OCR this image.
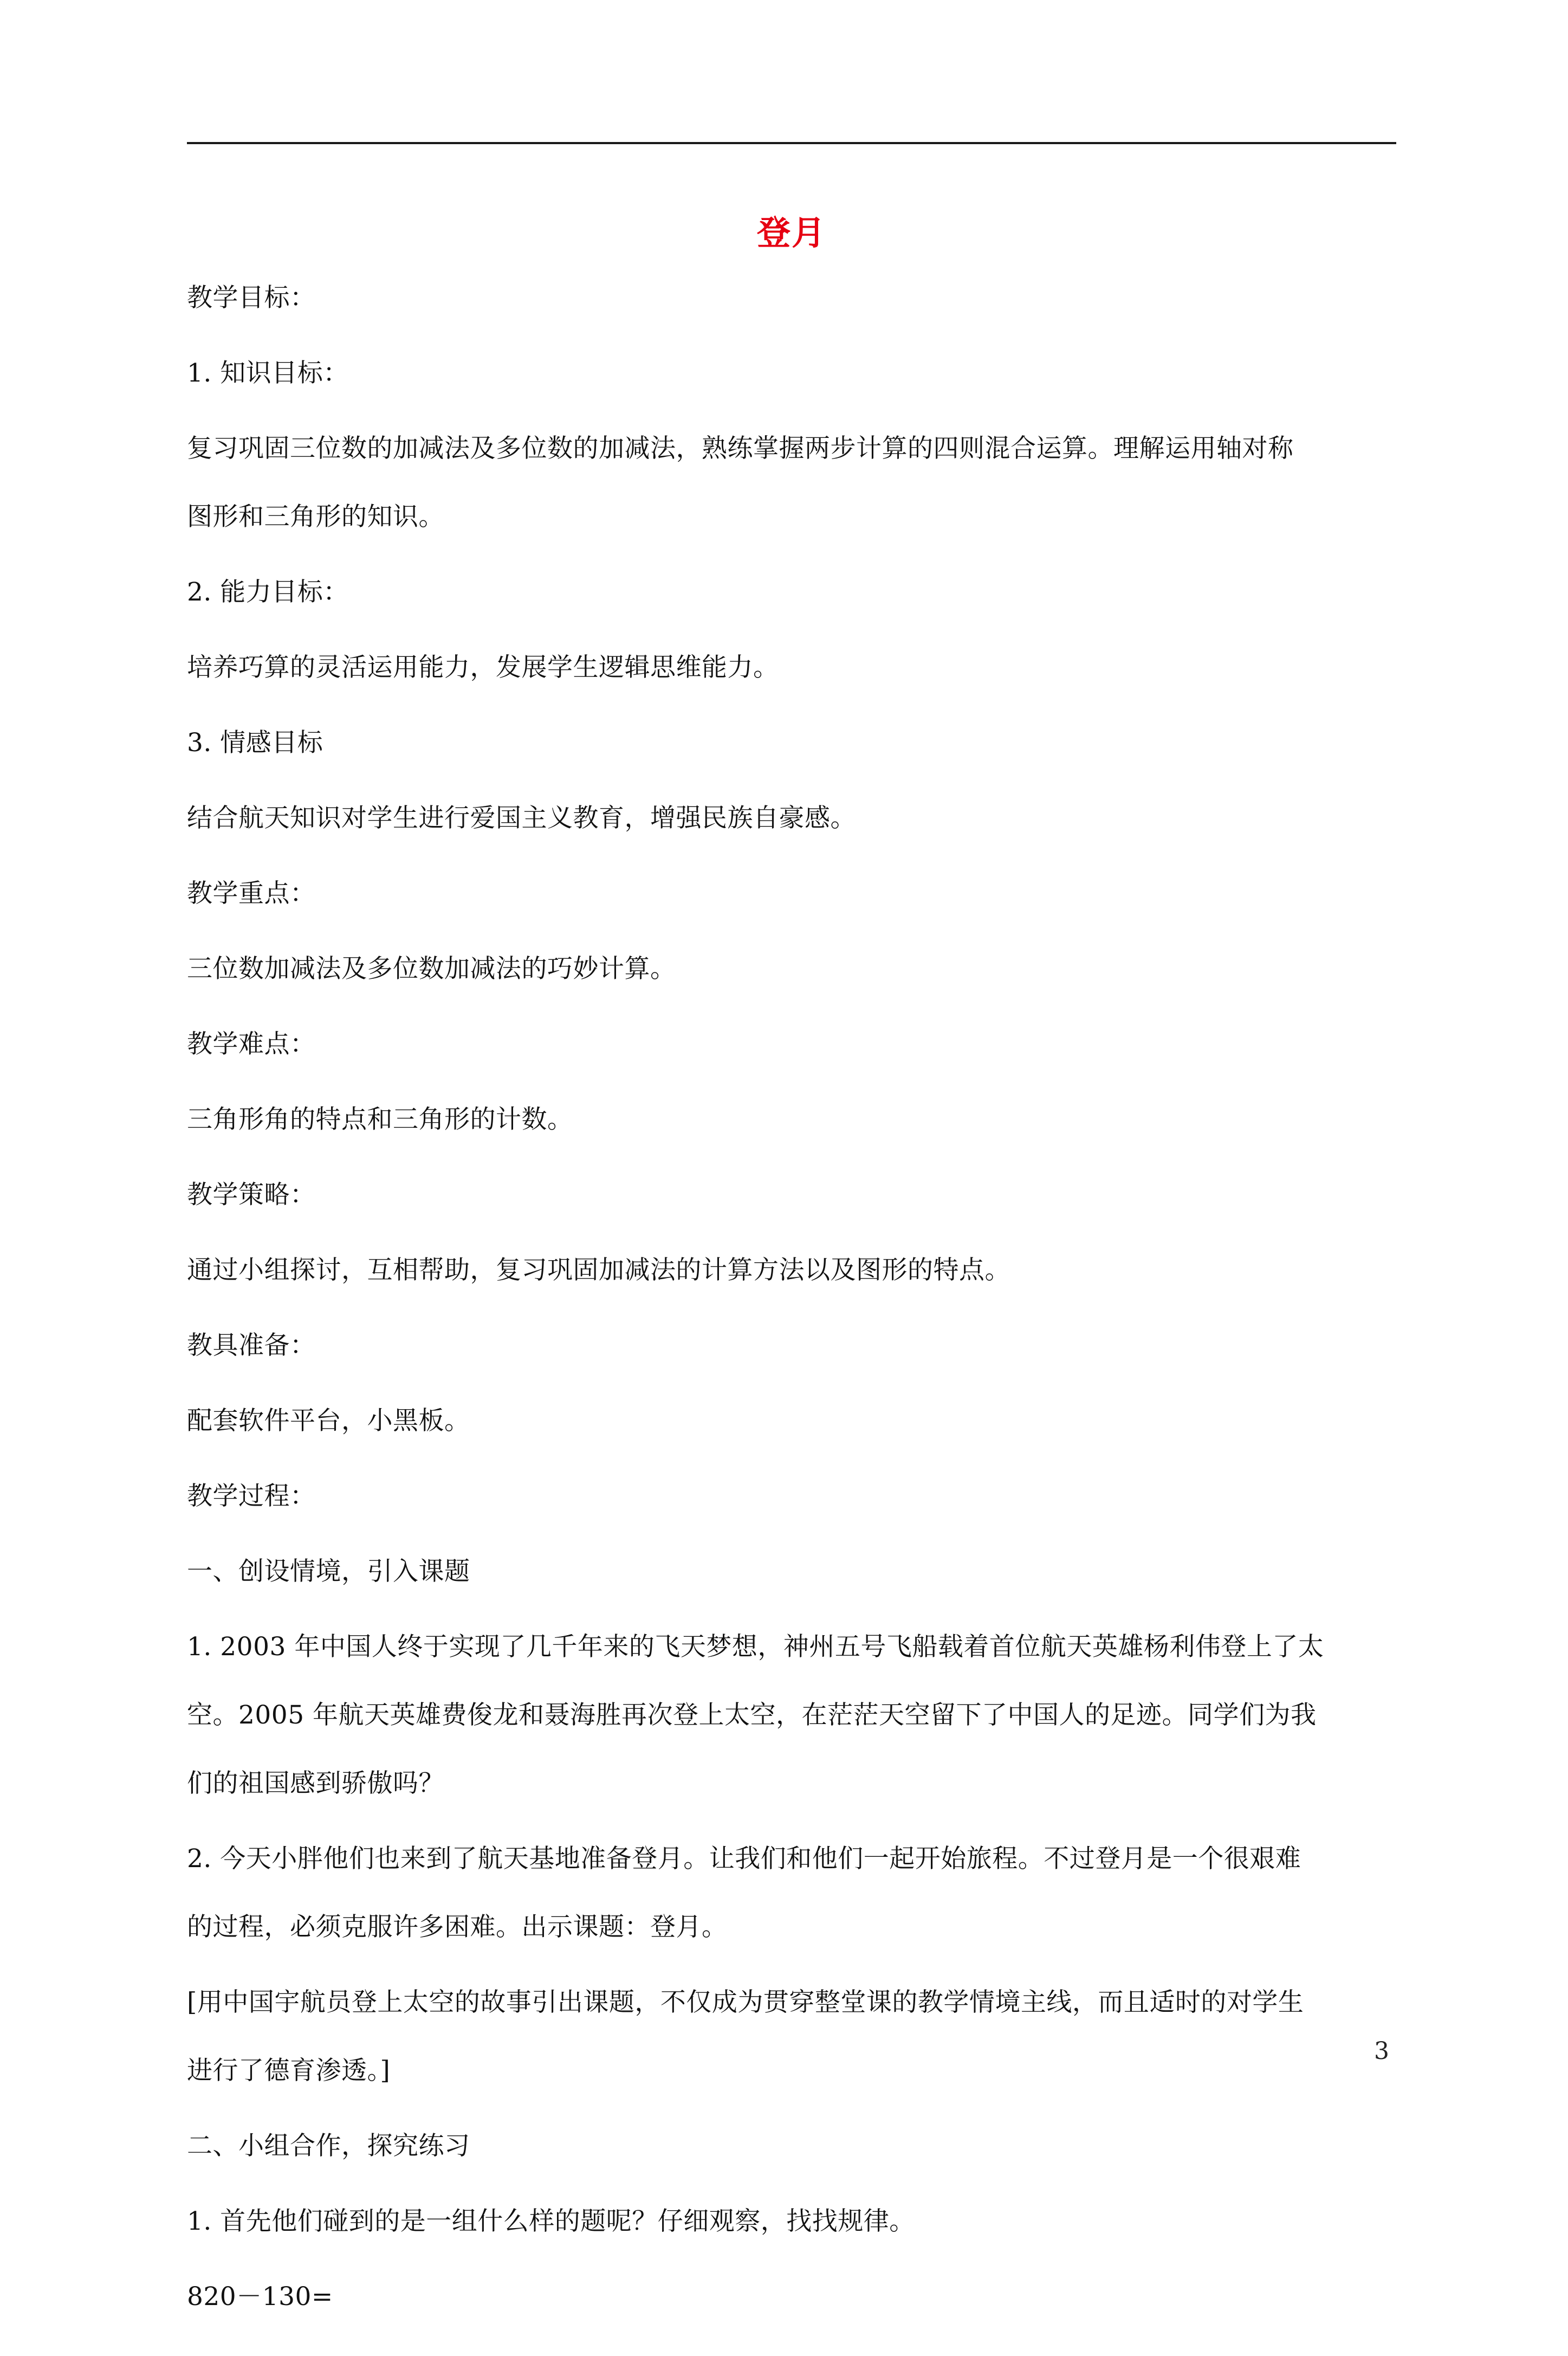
登月

教学目标：

1. 知识目标：

复习巩固三位数的加减法及多位数的加减法，熟练掌握两步计算的四则混合运算。理解运用轴对称

图形和三角形的知识。

2. 能力目标：

培养巧算的灵活运用能力，发展学生逻辑思维能力。

3. 情感目标

结合航天知识对学生进行爱国主义教育，增强民族自豪感。

教学重点：

三位数加减法及多位数加减法的巧妙计算。

教学难点：

三角形角的特点和三角形的计数。

教学策略：

通过小组探讨，互相帮助，复习巩固加减法的计算方法以及图形的特点。

教具准备：

配套软件平台，小黑板。

教学过程：

一、创设情境，引入课题

1. 2003 年中国人终于实现了几千年来的飞天梦想，神州五号飞船载着首位航天英雄杨利伟登上了太

空。2005 年航天英雄费俊龙和聂海胜再次登上太空，在茫茫天空留下了中国人的足迹。同学们为我

们的祖国感到骄傲吗？

2. 今天小胖他们也来到了航天基地准备登月。让我们和他们一起开始旅程。不过登月是一个很艰难

的过程，必须克服许多困难。出示课题：登月。

[用中国宇航员登上太空的故事引出课题，不仅成为贯穿整堂课的教学情境主线，而且适时的对学生

进行了德育渗透。]

二、小组合作，探究练习

1. 首先他们碰到的是一组什么样的题呢？仔细观察，找找规律。

820－130=

3
